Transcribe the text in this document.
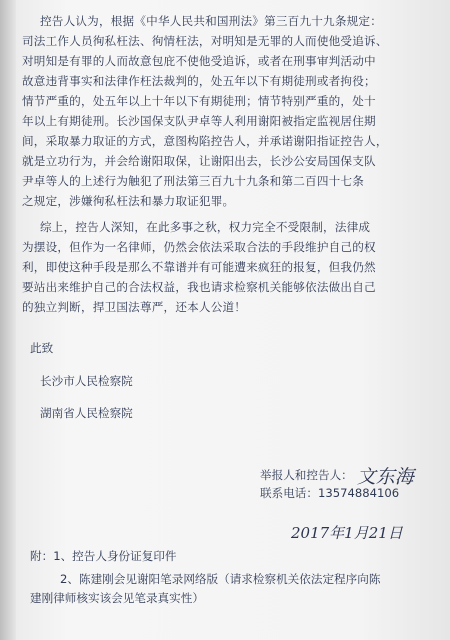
控告人认为，根据《中华人民共和国刑法》第三百九十九条规定：
司法工作人员徇私枉法、徇情枉法，对明知是无罪的人而使他受追诉、
对明知是有罪的人而故意包庇不使他受追诉，或者在刑事审判活动中
故意违背事实和法律作枉法裁判的，处五年以下有期徒刑或者拘役；
情节严重的，处五年以上十年以下有期徒刑；情节特别严重的，处十
年以上有期徒刑。长沙国保支队尹卓等人利用谢阳被指定监视居住期
间，采取暴力取证的方式，意图构陷控告人，并承诺谢阳指证控告人，
就是立功行为，并会给谢阳取保，让谢阳出去，长沙公安局国保支队
尹卓等人的上述行为触犯了刑法第三百九十九条和第二百四十七条
之规定，涉嫌徇私枉法和暴力取证犯罪。
综上，控告人深知，在此多事之秋，权力完全不受限制，法律成
为摆设，但作为一名律师，仍然会依法采取合法的手段维护自己的权
利，即使这种手段是那么不靠谱并有可能遭来疯狂的报复，但我仍然
要站出来维护自己的合法权益，我也请求检察机关能够依法做出自己
的独立判断，捍卫国法尊严，还本人公道！
此致
长沙市人民检察院
湖南省人民检察院
举报人和控告人： 文东海
联系电话：13574884106
2017年1月21日
附：1、控告人身份证复印件
2、陈建刚会见谢阳笔录网络版（请求检察机关依法定程序向陈
建刚律师核实该会见笔录真实性）
